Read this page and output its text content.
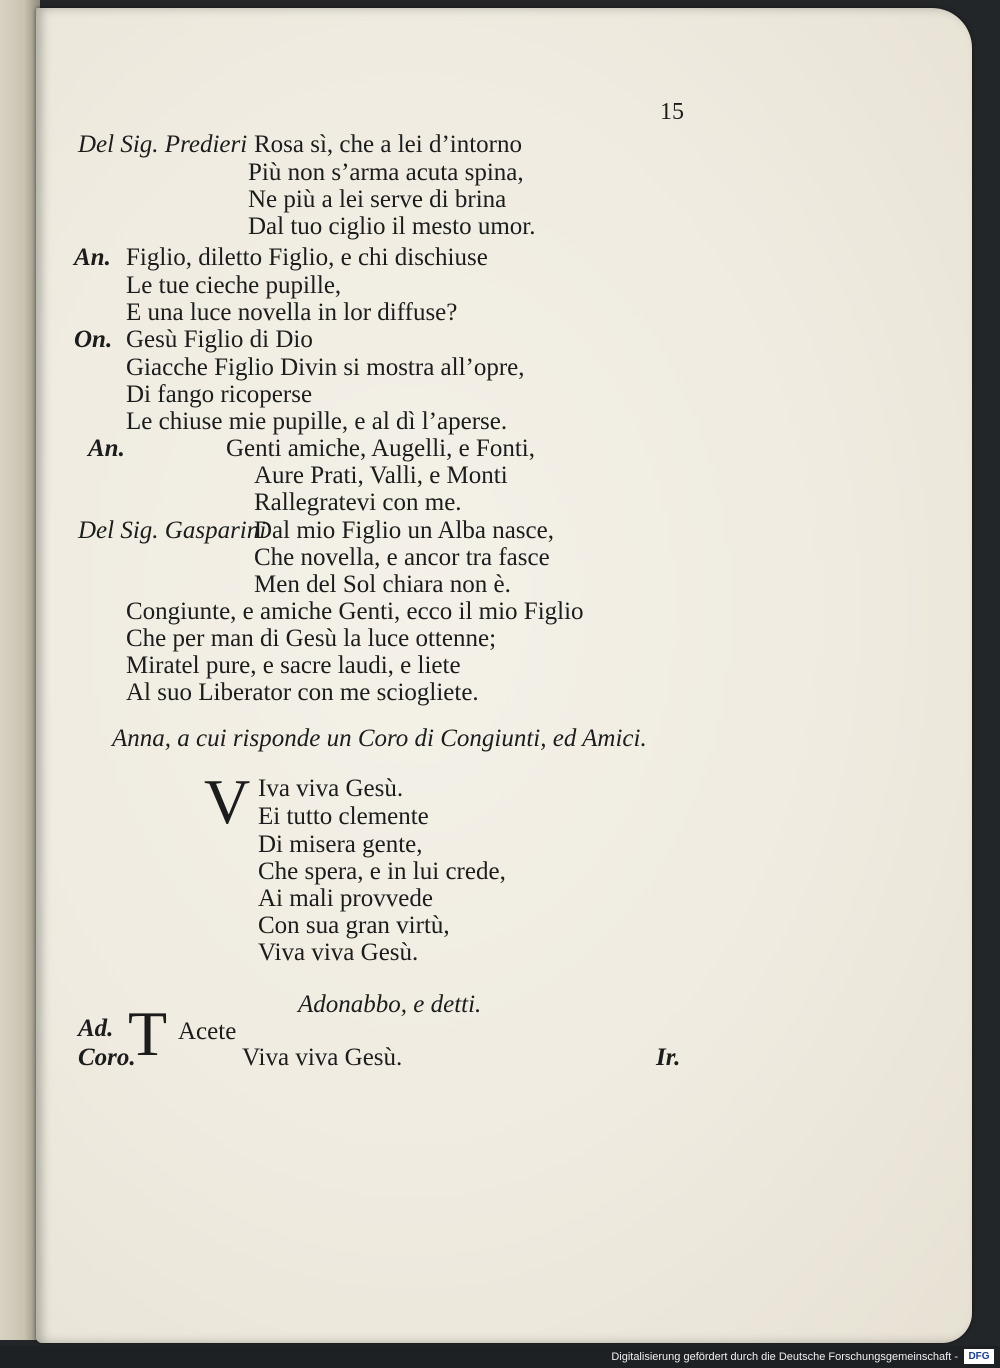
15
Del Sig. Predieri Rosa sì, che a lei d’intorno
Più non s’arma acuta spina,
Ne più a lei serve di brina
Dal tuo ciglio il mesto umor.
An. Figlio, diletto Figlio, e chi dischiuse
Le tue cieche pupille,
E una luce novella in lor diffuse?
On. Gesù Figlio di Dio
Giacche Figlio Divin si mostra all’opre,
Di fango ricoperse
Le chiuse mie pupille, e al dì l’aperse.
An.	Genti amiche, Augelli, e Fonti,
Aure Prati, Valli, e Monti
Rallegratevi con me.
Del Sig. Gasparini
Dal mio Figlio un Alba nasce,
Che novella, e ancor tra fasce
Men del Sol chiara non è.
Congiunte, e amiche Genti, ecco il mio Figlio
Che per man di Gesù la luce ottenne;
Miratel pure, e sacre laudi, e liete
Al suo Liberator con me sciogliete.
Anna, a cui risponde un Coro di Congiunti, ed Amici.
V Iva viva Gesù.
Ei tutto clemente
Di misera gente,
Che spera, e in lui crede,
Ai mali provvede
Con sua gran virtù,
Viva viva Gesù.
Adonabbo, e detti.
Ad.
Coro.
T Acete
Viva viva Gesù.	Ir.
Digitalisierung gefördert durch die Deutsche Forschungsgemeinschaft -	DFG
